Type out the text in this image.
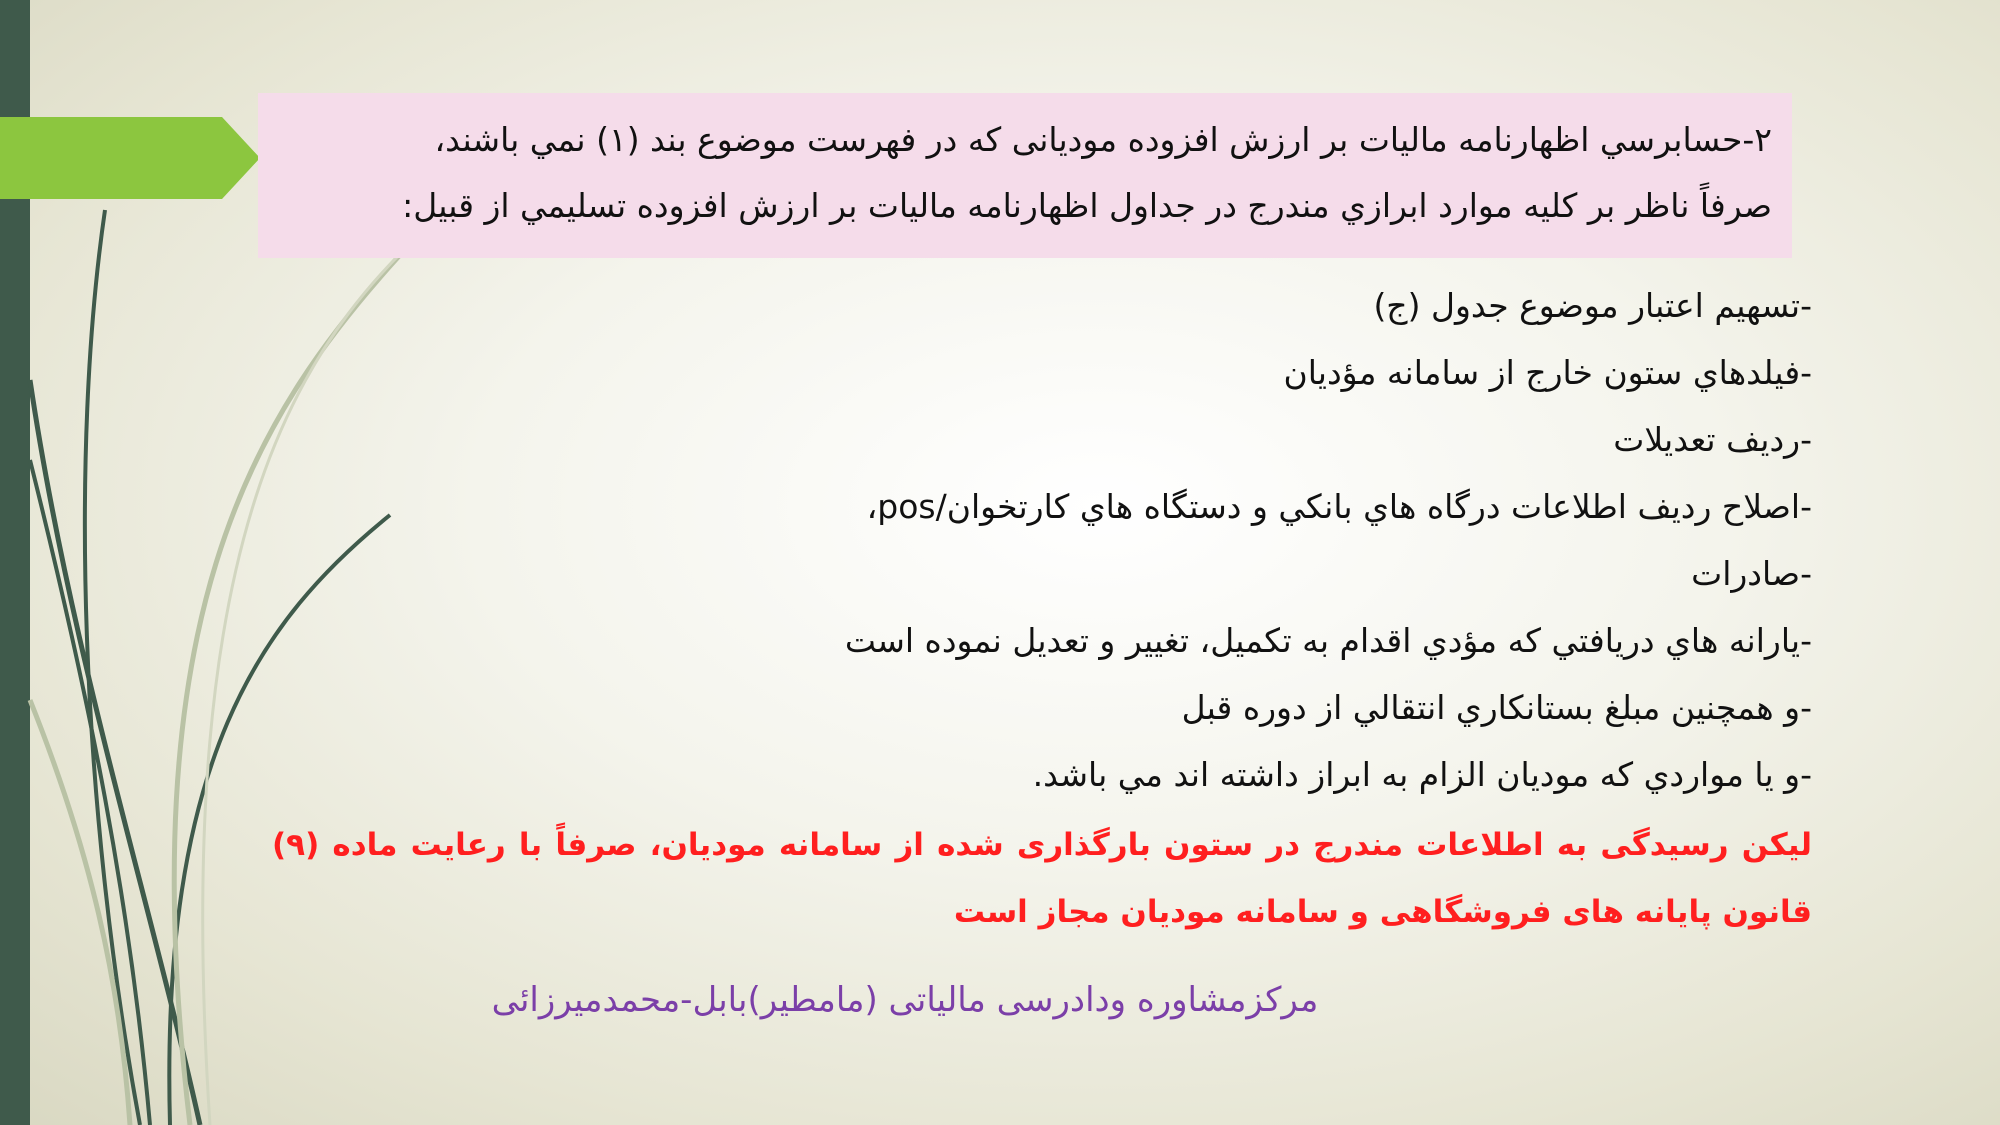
۲-حسابرسي اظهارنامه ماليات بر ارزش افزوده موديانى كه در فهرست موضوع بند (۱) نمي باشند،

صرفاً ناظر بر كليه موارد ابرازي مندرج در جداول اظهارنامه ماليات بر ارزش افزوده تسليمي از قبيل:

-تسهيم اعتبار موضوع جدول (ج)
-فيلدهاي ستون خارج از سامانه مؤديان
-رديف تعديلات
-اصلاح رديف اطلاعات درگاه هاي بانكي و دستگاه هاي كارتخوان/pos،
-صادرات
-يارانه هاي دريافتي كه مؤدي اقدام به تكميل، تغيير و تعديل نموده است
-و همچنين مبلغ بستانكاري انتقالي از دوره قبل
-و يا مواردي كه موديان الزام به ابراز داشته اند مي باشد.

لیکن رسیدگی به اطلاعات مندرج در ستون بارگذاری شده از سامانه مودیان، صرفاً با رعایت ماده (۹) قانون پایانه های فروشگاهی و سامانه مودیان مجاز است

مرکزمشاوره ودادرسی مالیاتی (مامطیر)بابل-محمدمیرزائی
